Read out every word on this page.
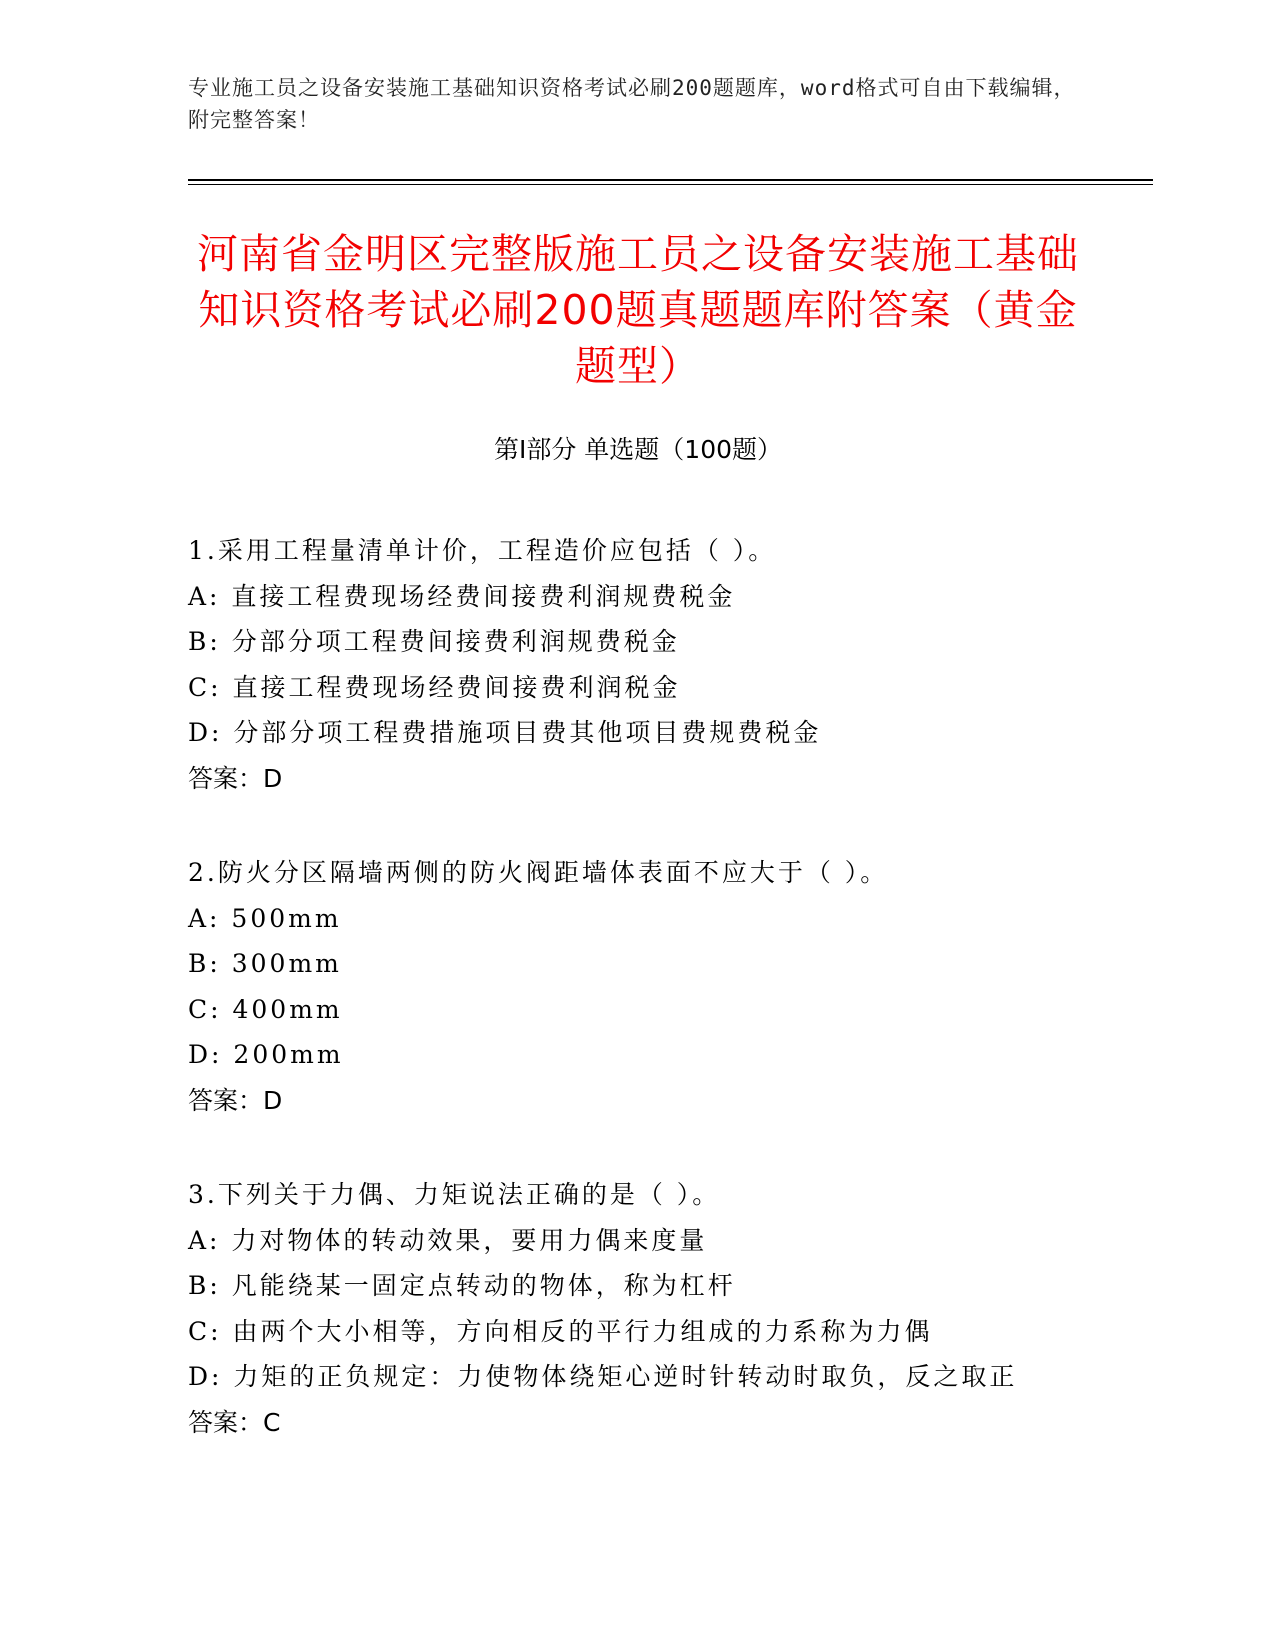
专业施工员之设备安装施工基础知识资格考试必刷200题题库，word格式可自由下载编辑，附完整答案！
河南省金明区完整版施工员之设备安装施工基础知识资格考试必刷200题真题题库附答案（黄金题型）
第Ⅰ部分 单选题（100题）
1.采用工程量清单计价，工程造价应包括（ ）。
A: 直接工程费现场经费间接费利润规费税金
B: 分部分项工程费间接费利润规费税金
C: 直接工程费现场经费间接费利润税金
D: 分部分项工程费措施项目费其他项目费规费税金
答案：D
2.防火分区隔墙两侧的防火阀距墙体表面不应大于（ ）。
A: 500mm
B: 300mm
C: 400mm
D: 200mm
答案：D
3.下列关于力偶、力矩说法正确的是（ ）。
A: 力对物体的转动效果，要用力偶来度量
B: 凡能绕某一固定点转动的物体，称为杠杆
C: 由两个大小相等，方向相反的平行力组成的力系称为力偶
D: 力矩的正负规定：力使物体绕矩心逆时针转动时取负，反之取正
答案：C
